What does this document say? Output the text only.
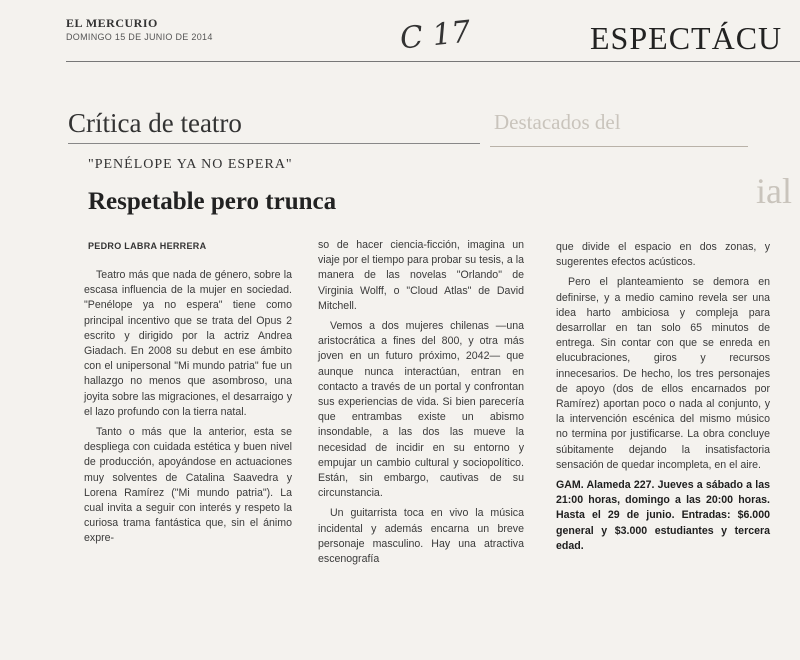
EL MERCURIO
DOMINGO 15 DE JUNIO DE 2014	C 17	ESPECTÁCU
Destacados del
ial
Crítica de teatro
"PENÉLOPE YA NO ESPERA"
Respetable pero trunca
PEDRO LABRA HERRERA

Teatro más que nada de género, sobre la escasa influencia de la mujer en sociedad. "Penélope ya no espera" tiene como principal incentivo que se trata del Opus 2 escrito y dirigido por la actriz Andrea Giadach. En 2008 su debut en ese ámbito con el unipersonal "Mi mundo patria" fue un hallazgo no menos que asombroso, una joyita sobre las migraciones, el desarraigo y el lazo profundo con la tierra natal.

Tanto o más que la anterior, esta se despliega con cuidada estética y buen nivel de producción, apoyándose en actuaciones muy solventes de Catalina Saavedra y Lorena Ramírez ("Mi mundo patria"). La cual invita a seguir con interés y respeto la curiosa trama fantástica que, sin el ánimo expre-

so de hacer ciencia-ficción, imagina un viaje por el tiempo para probar su tesis, a la manera de las novelas "Orlando" de Virginia Wolff, o "Cloud Atlas" de David Mitchell.

Vemos a dos mujeres chilenas —una aristocrática a fines del 800, y otra más joven en un futuro próximo, 2042— que aunque nunca interactúan, entran en contacto a través de un portal y confrontan sus experiencias de vida. Si bien parecería que entrambas existe un abismo insondable, a las dos las mueve la necesidad de incidir en su entorno y empujar un cambio cultural y sociopolítico. Están, sin embargo, cautivas de su circunstancia.

Un guitarrista toca en vivo la música incidental y además encarna un breve personaje masculino. Hay una atractiva escenografía

que divide el espacio en dos zonas, y sugerentes efectos acústicos.

Pero el planteamiento se demora en definirse, y a medio camino revela ser una idea harto ambiciosa y compleja para desarrollar en tan solo 65 minutos de entrega. Sin contar con que se enreda en elucubraciones, giros y recursos innecesarios. De hecho, los tres personajes de apoyo (dos de ellos encarnados por Ramírez) aportan poco o nada al conjunto, y la intervención escénica del mismo músico no termina por justificarse. La obra concluye súbitamente dejando la insatisfactoria sensación de quedar incompleta, en el aire.

GAM. Alameda 227. Jueves a sábado a las 21:00 horas, domingo a las 20:00 horas. Hasta el 29 de junio. Entradas: $6.000 general y $3.000 estudiantes y tercera edad.
